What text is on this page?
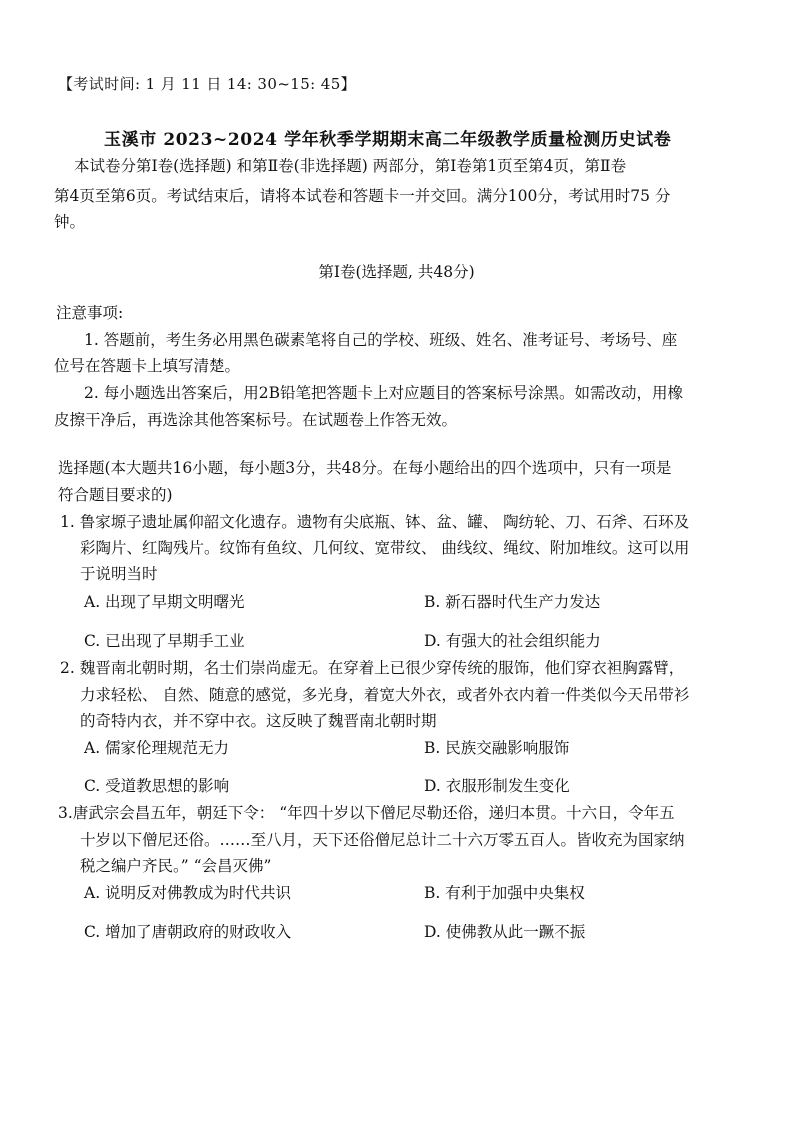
【考试时间: 1 月 11 日 14: 30~15: 45】
玉溪市 2023~2024 学年秋季学期期末高二年级教学质量检测历史试卷
本试卷分第Ⅰ卷(选择题) 和第Ⅱ卷(非选择题) 两部分，第Ⅰ卷第1页至第4页，第Ⅱ卷
第4页至第6页。考试结束后，请将本试卷和答题卡一并交回。满分100分，考试用时75 分
钟。
第Ⅰ卷(选择题, 共48分)
注意事项:
1. 答题前，考生务必用黑色碳素笔将自己的学校、班级、姓名、准考证号、考场号、座
位号在答题卡上填写清楚。
2. 每小题选出答案后，用2B铅笔把答题卡上对应题目的答案标号涂黑。如需改动，用橡
皮擦干净后，再选涂其他答案标号。在试题卷上作答无效。
选择题(本大题共16小题，每小题3分，共48分。在每小题给出的四个选项中，只有一项是
符合题目要求的)
1. 鲁家塬子遗址属仰韶文化遗存。遗物有尖底瓶、钵、盆、罐、 陶纺轮、刀、石斧、石环及
彩陶片、红陶残片。纹饰有鱼纹、几何纹、宽带纹、 曲线纹、绳纹、附加堆纹。这可以用
于说明当时
A. 出现了早期文明曙光	B. 新石器时代生产力发达
C. 已出现了早期手工业	D. 有强大的社会组织能力
2. 魏晋南北朝时期，名士们崇尚虚无。在穿着上已很少穿传统的服饰，他们穿衣袒胸露臂，
力求轻松、 自然、随意的感觉，多光身，着宽大外衣，或者外衣内着一件类似今天吊带衫
的奇特内衣，并不穿中衣。这反映了魏晋南北朝时期
A. 儒家伦理规范无力	B. 民族交融影响服饰
C. 受道教思想的影响	D. 衣服形制发生变化
3.唐武宗会昌五年，朝廷下令： “年四十岁以下僧尼尽勒还俗，递归本贯。十六日，令年五
十岁以下僧尼还俗。……至八月，天下还俗僧尼总计二十六万零五百人。皆收充为国家纳
税之编户齐民。” “会昌灭佛”
A. 说明反对佛教成为时代共识	B. 有利于加强中央集权
C. 增加了唐朝政府的财政收入	D. 使佛教从此一蹶不振
